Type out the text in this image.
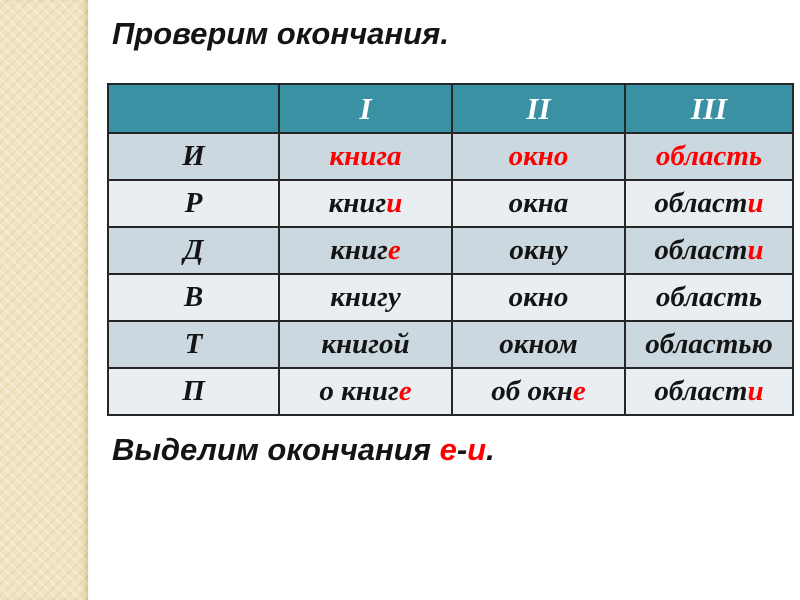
Проверим окончания.
	I	II	III
И	книга	окно	область
Р	книги	окна	области
Д	книге	окну	области
В	книгу	окно	область
Т	книгой	окном	областью
П	о книге	об окне	области

Выделим окончания е-и.
